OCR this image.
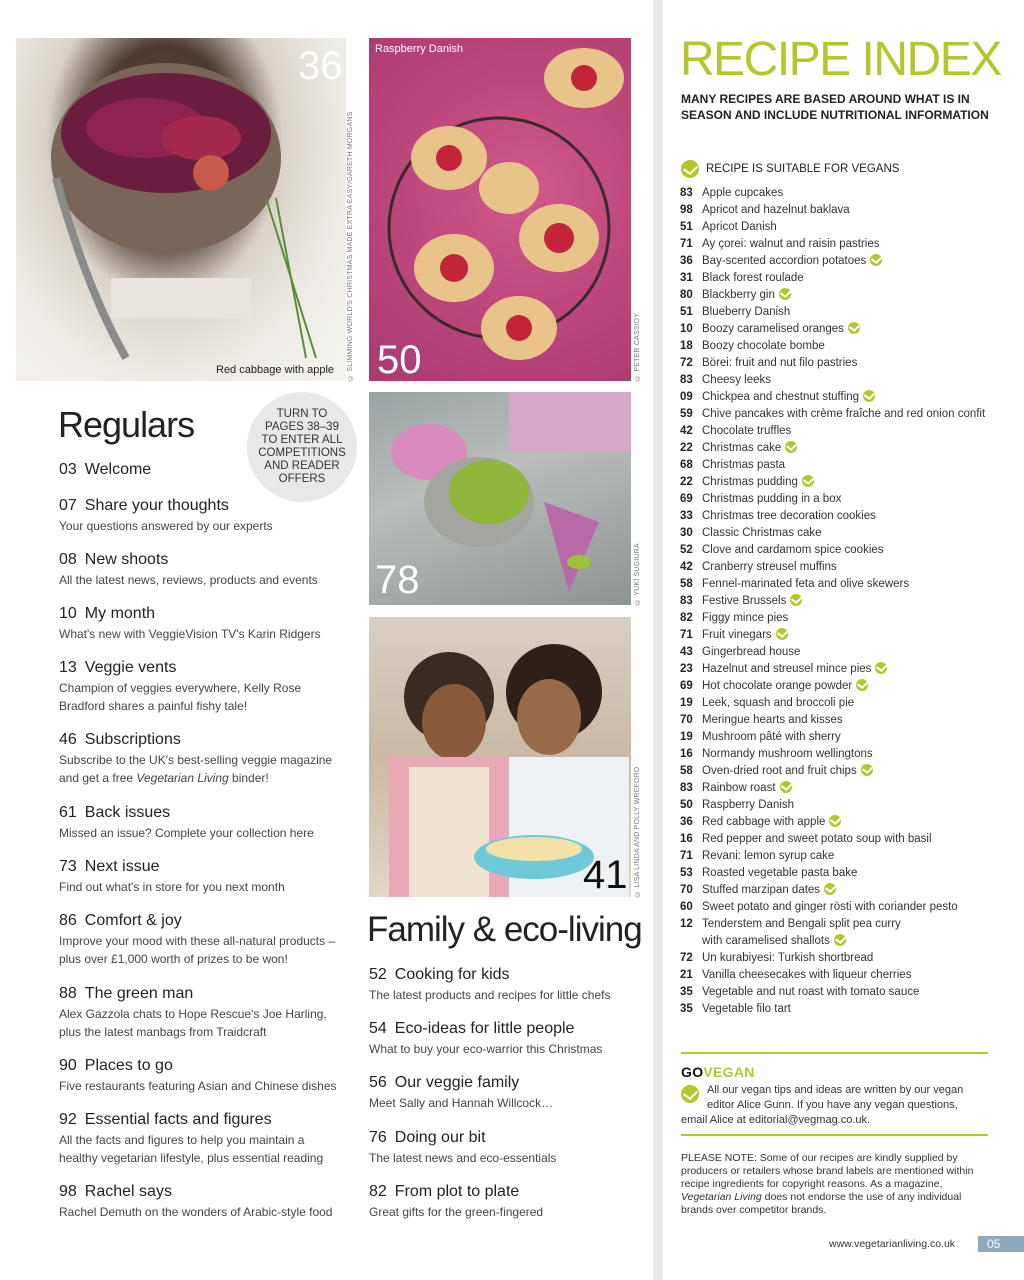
36
Red cabbage with apple © SLIMMING WORLD'S CHRISTMAS MADE EXTRA EASY/GARETH MORGANS
Raspberry Danish
50	© PETER CASSIDY
78	© YUKI SUGIURA
41 © LISA LINDA AND POLLY WREFORD
Regulars	TURN TO PAGES 38–39 TO ENTER ALL COMPETITIONS AND READER OFFERS
03 Welcome
07 Share your thoughts
Your questions answered by our experts
08 New shoots
All the latest news, reviews, products and events
10 My month
What's new with VeggieVision TV's Karin Ridgers
13 Veggie vents
Champion of veggies everywhere, Kelly Rose Bradford shares a painful fishy tale!
46 Subscriptions
Subscribe to the UK's best-selling veggie magazine and get a free Vegetarian Living binder!
61 Back issues
Missed an issue? Complete your collection here
73 Next issue
Find out what's in store for you next month
86 Comfort & joy
Improve your mood with these all-natural products – plus over £1,000 worth of prizes to be won!
88 The green man
Alex Gazzola chats to Hope Rescue's Joe Harling, plus the latest manbags from Traidcraft
90 Places to go
Five restaurants featuring Asian and Chinese dishes
92 Essential facts and figures
All the facts and figures to help you maintain a healthy vegetarian lifestyle, plus essential reading
98 Rachel says
Rachel Demuth on the wonders of Arabic-style food
Family & eco-living
52 Cooking for kids
The latest products and recipes for little chefs
54 Eco-ideas for little people
What to buy your eco-warrior this Christmas
56 Our veggie family
Meet Sally and Hannah Willcock…
76 Doing our bit
The latest news and eco-essentials
82 From plot to plate
Great gifts for the green-fingered
RECIPE INDEX
MANY RECIPES ARE BASED AROUND WHAT IS IN SEASON AND INCLUDE NUTRITIONAL INFORMATION
RECIPE IS SUITABLE FOR VEGANS
83 Apple cupcakes
98 Apricot and hazelnut baklava
51 Apricot Danish
71 Ay çorei: walnut and raisin pastries
36 Bay-scented accordion potatoes
31 Black forest roulade
80 Blackberry gin
51 Blueberry Danish
10 Boozy caramelised oranges
18 Boozy chocolate bombe
72 Börei: fruit and nut filo pastries
83 Cheesy leeks
09 Chickpea and chestnut stuffing
59 Chive pancakes with crème fraîche and red onion confit
42 Chocolate truffles
22 Christmas cake
68 Christmas pasta
22 Christmas pudding
69 Christmas pudding in a box
33 Christmas tree decoration cookies
30 Classic Christmas cake
52 Clove and cardamom spice cookies
42 Cranberry streusel muffins
58 Fennel-marinated feta and olive skewers
83 Festive Brussels
82 Figgy mince pies
71 Fruit vinegars
43 Gingerbread house
23 Hazelnut and streusel mince pies
69 Hot chocolate orange powder
19 Leek, squash and broccoli pie
70 Meringue hearts and kisses
19 Mushroom pâté with sherry
16 Normandy mushroom wellingtons
58 Oven-dried root and fruit chips
83 Rainbow roast
50 Raspberry Danish
36 Red cabbage with apple
16 Red pepper and sweet potato soup with basil
71 Revani: lemon syrup cake
53 Roasted vegetable pasta bake
70 Stuffed marzipan dates
60 Sweet potato and ginger rösti with coriander pesto
12 Tenderstem and Bengali split pea curry
with caramelised shallots
72 Un kurabiyesi: Turkish shortbread
21 Vanilla cheesecakes with liqueur cherries
35 Vegetable and nut roast with tomato sauce
35 Vegetable filo tart
GOVEGAN
All our vegan tips and ideas are written by our vegan editor Alice Gunn. If you have any vegan questions, email Alice at editorial@vegmag.co.uk.
PLEASE NOTE: Some of our recipes are kindly supplied by producers or retailers whose brand labels are mentioned within recipe ingredients for copyright reasons. As a magazine, Vegetarian Living does not endorse the use of any individual brands over competitor brands.
www.vegetarianliving.co.uk	05
